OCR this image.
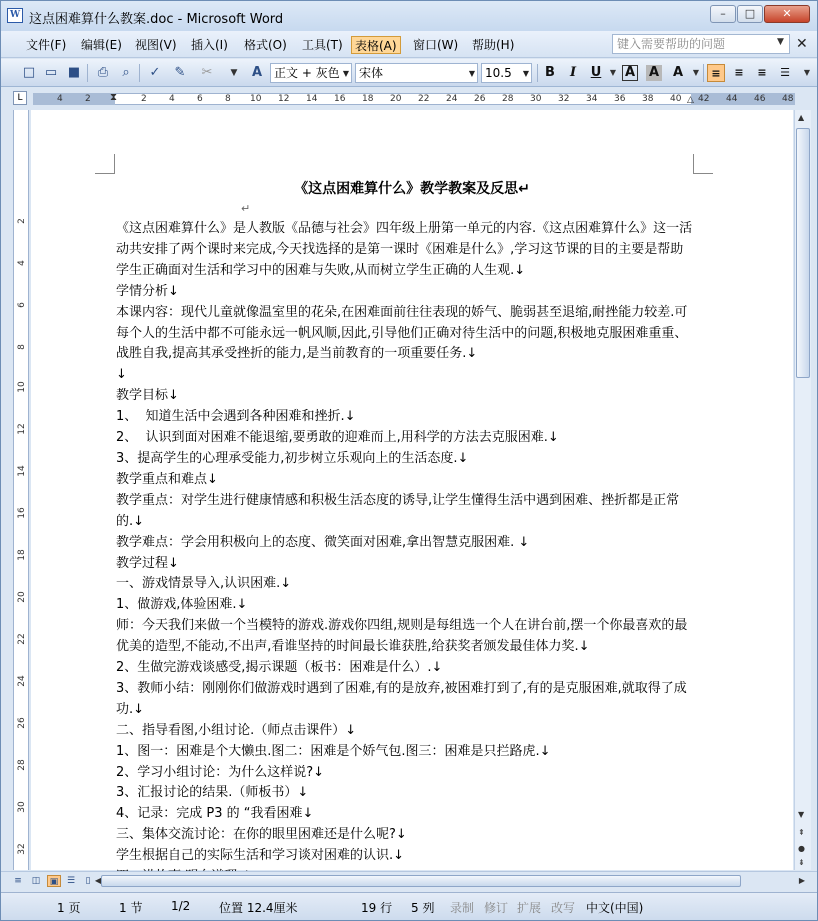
W 这点困难算什么教案.doc - Microsoft Word	–	□	✕
文件(F) 编辑(E) 视图(V) 插入(I) 格式(O) 工具(T)	表格(A)	窗口(W) 帮助(H)	键入需要帮助的问题	▼ ✕
□ ▭ ■ ⎙	⌕	✓ ✎ ✂	▼	A 正文 + 灰色 ▼ 宋体	▼ 10.5 ▼	B	I	U	▼ A A	A	▼	≡	≡	≡	☰	▼
L	4 2	2 4 6 8 10 12 14 16 18 20 22 24 26 28 30 32 34 36 38 40 42 44 46 48
⧗	△
2
4
6
8
10
12
14
16
18
20
22
24
26
28
30
32
《这点困难算什么》教学教案及反思↵
↵
《这点困难算什么》是人教版《品德与社会》四年级上册第一单元的内容.《这点困难算什么》这一活动共安排了两个课时来完成,今天找选择的是第一课时《困难是什么》,学习这节课的目的主要是帮助学生正确面对生活和学习中的困难与失败,从而树立学生正确的人生观.↓
学情分析↓
本课内容：现代儿童就像温室里的花朵,在困难面前往往表现的娇气、脆弱甚至退缩,耐挫能力较差.可每个人的生活中都不可能永远一帆风顺,因此,引导他们正确对待生活中的问题,积极地克服困难重重、战胜自我,提高其承受挫折的能力,是当前教育的一项重要任务.↓
↓
教学目标↓
1、  知道生活中会遇到各种困难和挫折.↓
2、  认识到面对困难不能退缩,要勇敢的迎难而上,用科学的方法去克服困难.↓
3、提高学生的心理承受能力,初步树立乐观向上的生活态度.↓
教学重点和难点↓
教学重点：对学生进行健康情感和积极生活态度的诱导,让学生懂得生活中遇到困难、挫折都是正常的.↓
教学难点：学会用积极向上的态度、微笑面对困难,拿出智慧克服困难. ↓
教学过程↓
一、游戏情景导入,认识困难.↓
1、做游戏,体验困难.↓
师：今天我们来做一个当模特的游戏.游戏你四组,规则是每组选一个人在讲台前,摆一个你最喜欢的最优美的造型,不能动,不出声,看谁坚持的时间最长谁获胜,给获奖者颁发最佳体力奖.↓
2、生做完游戏谈感受,揭示课题（板书：困难是什么）.↓
3、教师小结：刚刚你们做游戏时遇到了困难,有的是放弃,被困难打到了,有的是克服困难,就取得了成功.↓
二、指导看图,小组讨论.（师点击课件）↓
1、图一：困难是个大懒虫.图二：困难是个娇气包.图三：困难是只拦路虎.↓
2、学习小组讨论：为什么这样说?↓
3、汇报讨论的结果.（师板书）↓
4、记录：完成 P3 的 “我看困难↓
三、集体交流讨论：在你的眼里困难还是什么呢?↓
学生根据自己的实际生活和学习谈对困难的认识.↓
▲
▼
⇞
●
⇟
≡	◫	▣ ☰	▯ ◀	▶
1 页	1 节 1/2 位置 12.4厘米	19 行 5 列 录制 修订 扩展 改写 中文(中国)
